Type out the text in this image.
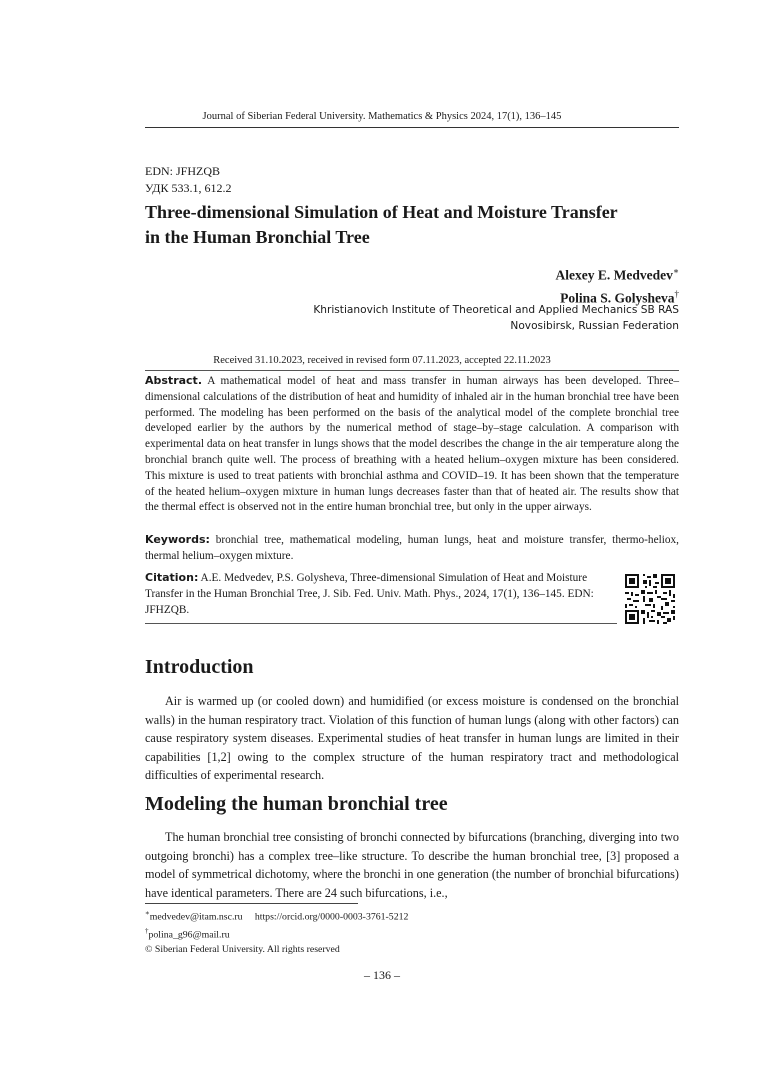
Journal of Siberian Federal University. Mathematics & Physics 2024, 17(1), 136–145
EDN: JFHZQB
УДК 533.1, 612.2
Three-dimensional Simulation of Heat and Moisture Transfer
in the Human Bronchial Tree
Alexey E. Medvedev∗
Polina S. Golysheva†
Khristianovich Institute of Theoretical and Applied Mechanics SB RAS
Novosibirsk, Russian Federation
Received 31.10.2023, received in revised form 07.11.2023, accepted 22.11.2023
Abstract. A mathematical model of heat and mass transfer in human airways has been developed. Three–dimensional calculations of the distribution of heat and humidity of inhaled air in the human bronchial tree have been performed. The modeling has been performed on the basis of the analytical model of the complete bronchial tree developed earlier by the authors by the numerical method of stage–by–stage calculation. A comparison with experimental data on heat transfer in lungs shows that the model describes the change in the air temperature along the bronchial branch quite well. The process of breathing with a heated helium–oxygen mixture has been considered. This mixture is used to treat patients with bronchial asthma and COVID–19. It has been shown that the temperature of the heated helium–oxygen mixture in human lungs decreases faster than that of heated air. The results show that the thermal effect is observed not in the entire human bronchial tree, but only in the upper airways.
Keywords: bronchial tree, mathematical modeling, human lungs, heat and moisture transfer, thermo-heliox, thermal helium–oxygen mixture.
Citation: A.E. Medvedev, P.S. Golysheva, Three-dimensional Simulation of Heat and Moisture Transfer in the Human Bronchial Tree, J. Sib. Fed. Univ. Math. Phys., 2024, 17(1), 136–145. EDN: JFHZQB.
Introduction
Air is warmed up (or cooled down) and humidified (or excess moisture is condensed on the bronchial walls) in the human respiratory tract. Violation of this function of human lungs (along with other factors) can cause respiratory system diseases. Experimental studies of heat transfer in human lungs are limited in their capabilities [1,2] owing to the complex structure of the human respiratory tract and methodological difficulties of experimental research.
Modeling the human bronchial tree
The human bronchial tree consisting of bronchi connected by bifurcations (branching, diverging into two outgoing bronchi) has a complex tree–like structure. To describe the human bronchial tree, [3] proposed a model of symmetrical dichotomy, where the bronchi in one generation (the number of bronchial bifurcations) have identical parameters. There are 24 such bifurcations, i.e.,
∗medvedev@itam.nsc.ru     https://orcid.org/0000-0003-3761-5212
†polina_g96@mail.ru
© Siberian Federal University. All rights reserved
– 136 –
